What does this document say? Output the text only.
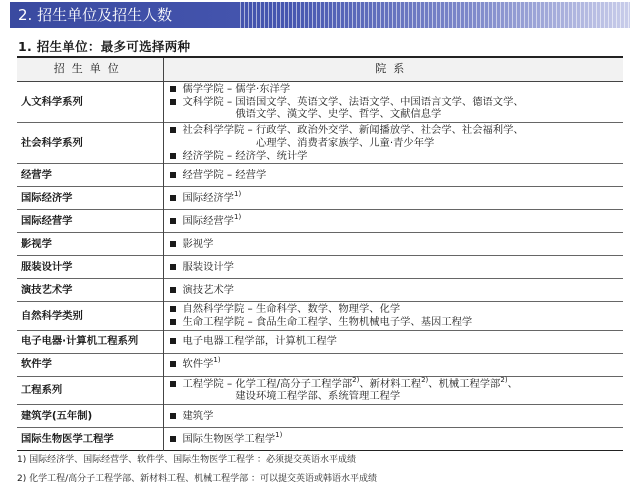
2. 招生单位及招生人数
1. 招生单位：最多可选择两种
招生单位	院系
人文科学系列	儒学学院 – 儒学·东洋学
文科学院 – 国语国文学、英语文学、法语文学、中国语言文学、德语文学、
俄语文学、漢文学、史学、哲学、文献信息学

社会科学系列	社会科学学院 – 行政学、政治外交学、新闻播放学、社会学、社会福利学、
心理学、消费者家族学、儿童·青少年学
经济学院 – 经济学、统计学

经营学	经营学院 – 经营学

国际经济学	国际经济学$^{1)}$

国际经营学	国际经营学$^{1)}$

影视学	影视学

服装设计学	服装设计学

演技艺术学	演技艺术学

自然科学类别	自然科学学院 – 生命科学、数学、物理学、化学
生命工程学院 – 食品生命工程学、生物机械电子学、基因工程学

电子电器·计算机工程系列	电子电器工程学部，计算机工程学

软件学	软件学$^{1)}$

工程系列	工程学院 – 化学工程/高分子工程学部$^{2)}$、新材料工程$^{2)}$、机械工程学部$^{2)}$、
建设环境工程学部、系统管理工程学

建筑学(五年制)	建筑学

国际生物医学工程学	国际生物医学工程学$^{1)}$
1) 国际经济学、国际经营学、软件学、国际生物医学工程学 ：必须提交英语水平成绩
2) 化学工程/高分子工程学部、新材料工程、机械工程学部 ：可以提交英语或韩语水平成绩
